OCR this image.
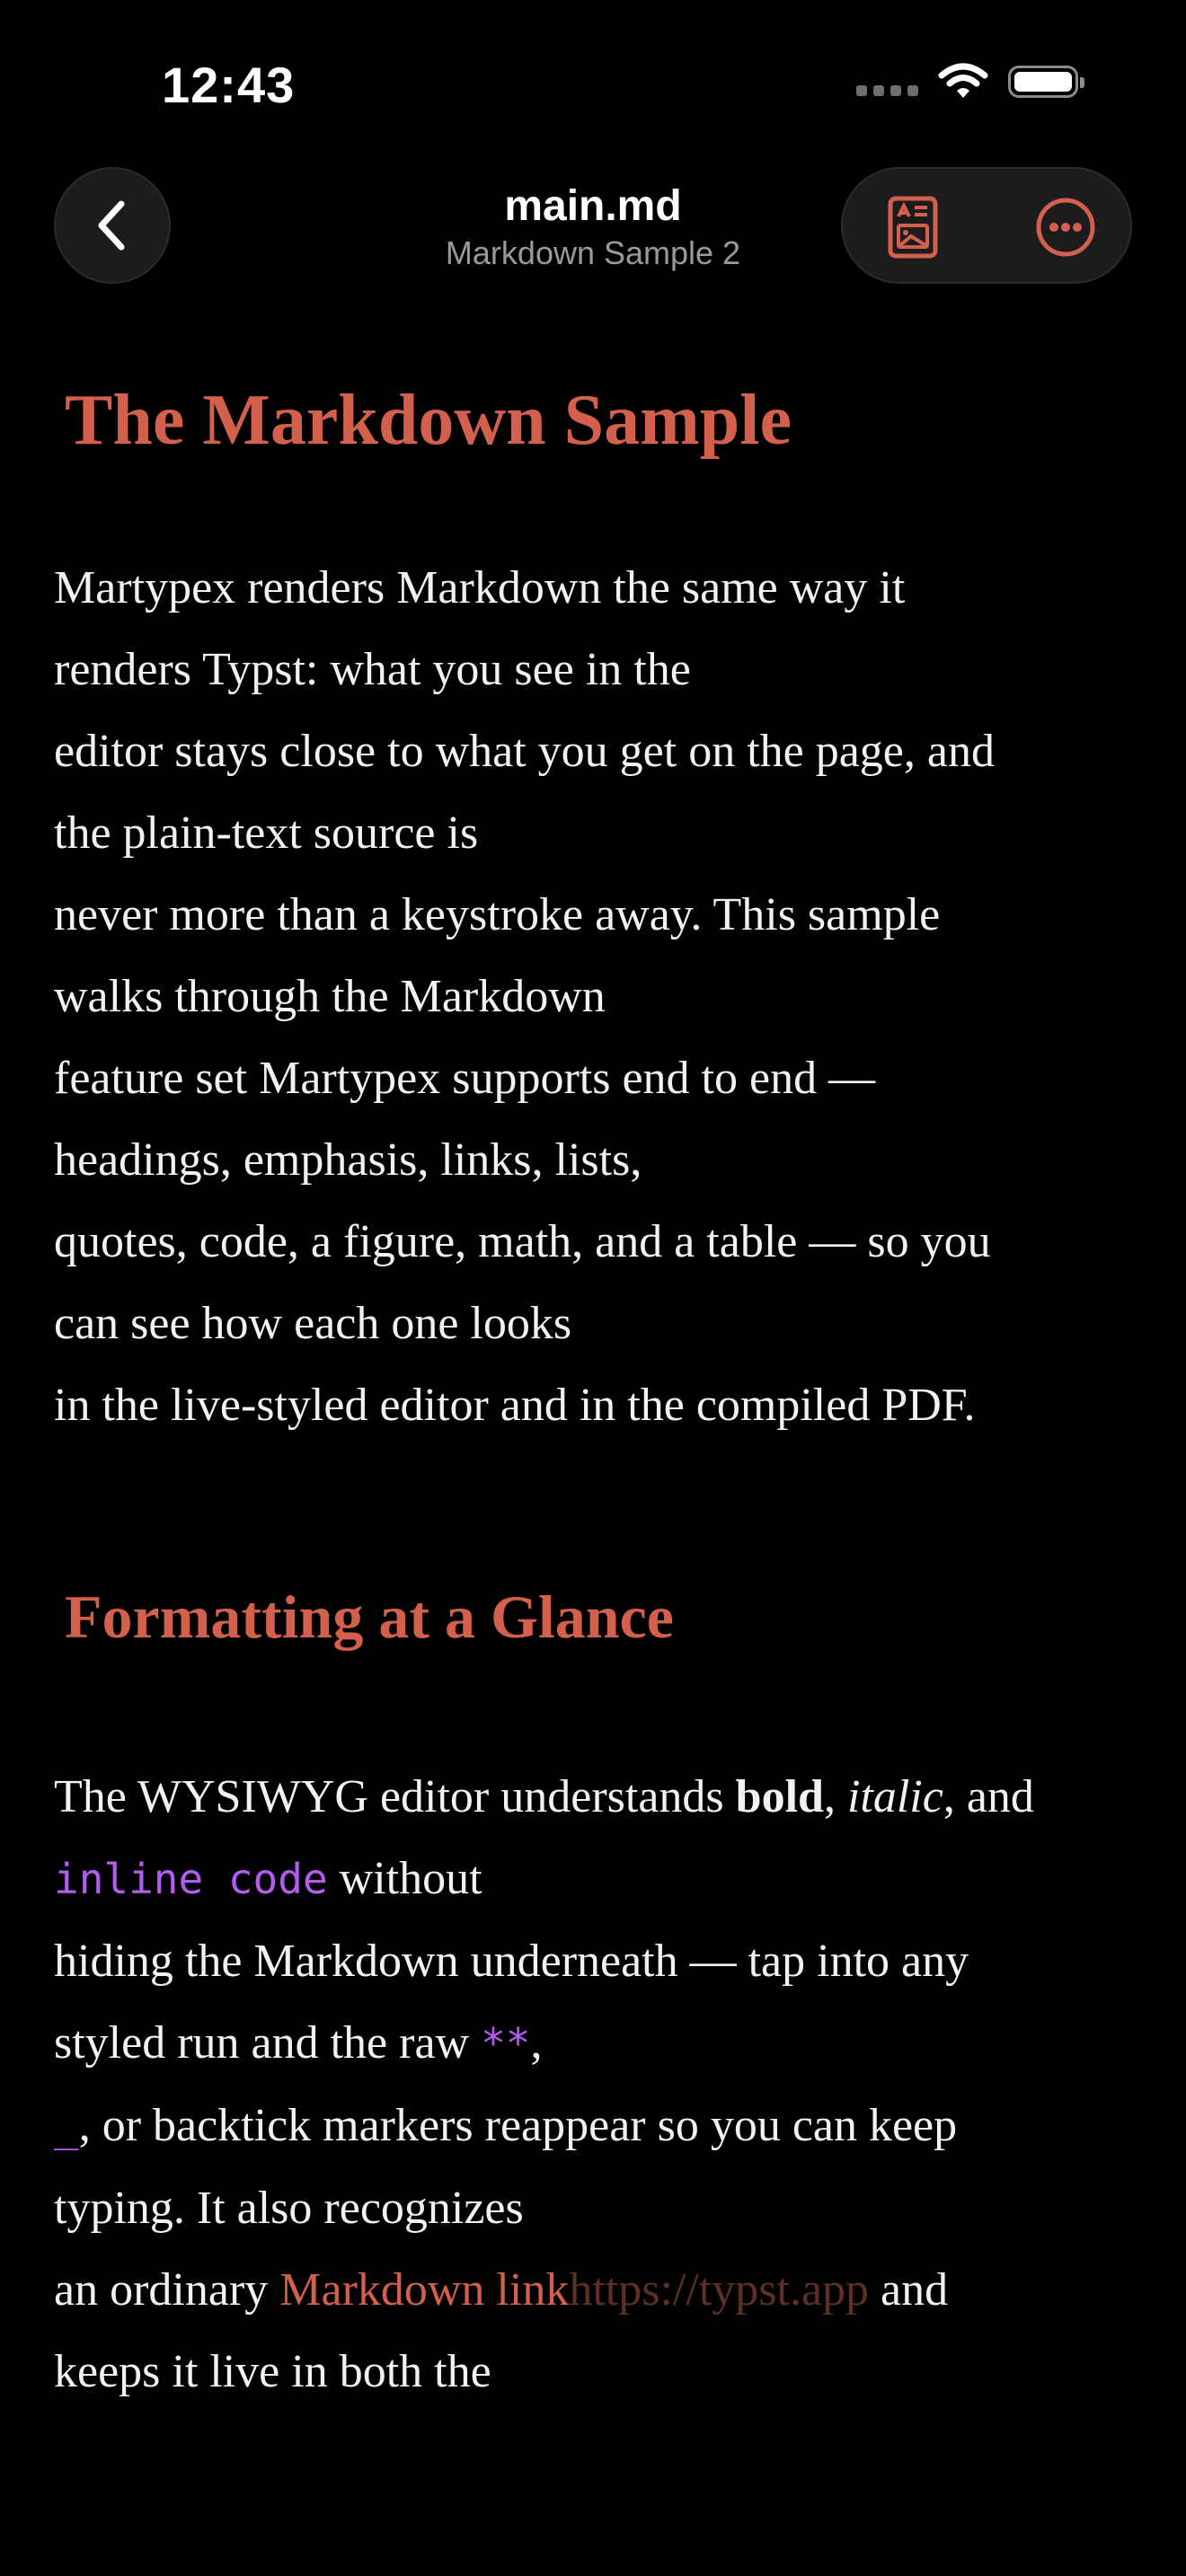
12:43
main.md
Markdown Sample 2
The Markdown Sample
Martypex renders Markdown the same way it
renders Typst: what you see in the
editor stays close to what you get on the page, and
the plain-text source is
never more than a keystroke away. This sample
walks through the Markdown
feature set Martypex supports end to end —
headings, emphasis, links, lists,
quotes, code, a figure, math, and a table — so you
can see how each one looks
in the live-styled editor and in the compiled PDF.
Formatting at a Glance
The WYSIWYG editor understands bold, italic, and
inline code without
hiding the Markdown underneath — tap into any
styled run and the raw **,
_, or backtick markers reappear so you can keep
typing. It also recognizes
an ordinary Markdown linkhttps://typst.app and
keeps it live in both the
